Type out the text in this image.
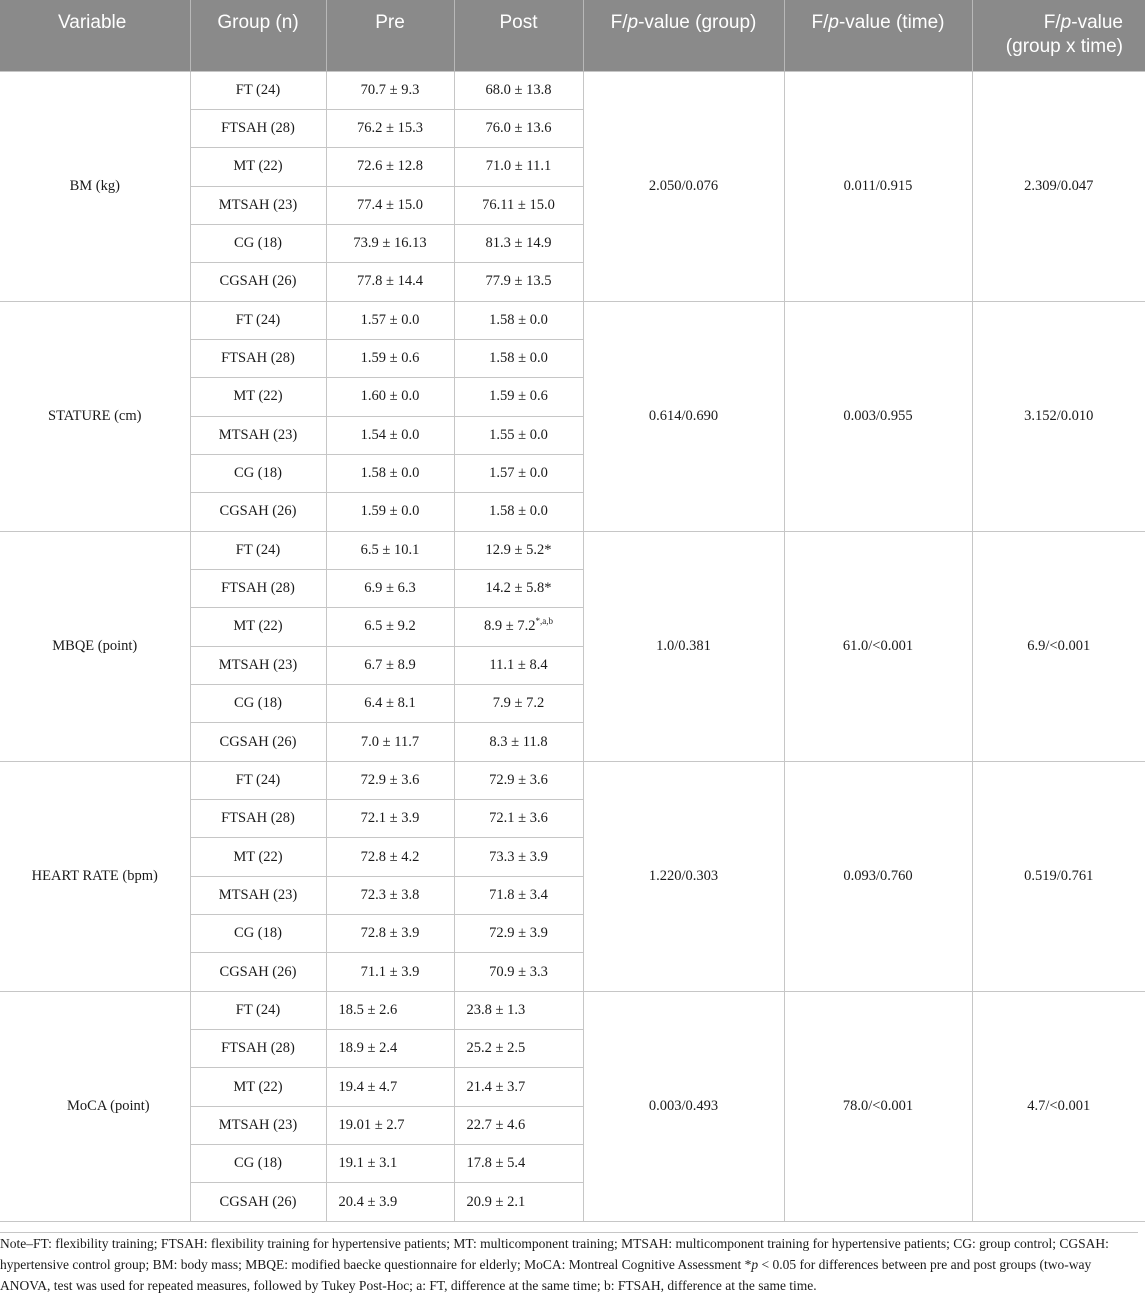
Variable	Group (n)	Pre	Post	F/p-value (group)	F/p-value (time)	F/p-value
(group x time)
BM (kg)	FT (24)	70.7 ± 9.3	68.0 ± 13.8	2.050/0.076	0.011/0.915	2.309/0.047
	FTSAH (28)	76.2 ± 15.3	76.0 ± 13.6			
	MT (22)	72.6 ± 12.8	71.0 ± 11.1			
	MTSAH (23)	77.4 ± 15.0	76.11 ± 15.0			
	CG (18)	73.9 ± 16.13	81.3 ± 14.9			
	CGSAH (26)	77.8 ± 14.4	77.9 ± 13.5			
STATURE (cm)	FT (24)	1.57 ± 0.0	1.58 ± 0.0	0.614/0.690	0.003/0.955	3.152/0.010
	FTSAH (28)	1.59 ± 0.6	1.58 ± 0.0			
	MT (22)	1.60 ± 0.0	1.59 ± 0.6			
	MTSAH (23)	1.54 ± 0.0	1.55 ± 0.0			
	CG (18)	1.58 ± 0.0	1.57 ± 0.0			
	CGSAH (26)	1.59 ± 0.0	1.58 ± 0.0			
MBQE (point)	FT (24)	6.5 ± 10.1	12.9 ± 5.2*	1.0/0.381	61.0/<0.001	6.9/<0.001
	FTSAH (28)	6.9 ± 6.3	14.2 ± 5.8*			
	MT (22)	6.5 ± 9.2	$8.9 \pm 7.2^{*,a,b}$
	MTSAH (23)	6.7 ± 8.9	11.1 ± 8.4			
	CG (18)	6.4 ± 8.1	7.9 ± 7.2			
	CGSAH (26)	7.0 ± 11.7	8.3 ± 11.8			
HEART RATE (bpm)	FT (24)	72.9 ± 3.6	72.9 ± 3.6	1.220/0.303	0.093/0.760	0.519/0.761
	FTSAH (28)	72.1 ± 3.9	72.1 ± 3.6			
	MT (22)	72.8 ± 4.2	73.3 ± 3.9			
	MTSAH (23)	72.3 ± 3.8	71.8 ± 3.4			
	CG (18)	72.8 ± 3.9	72.9 ± 3.9			
	CGSAH (26)	71.1 ± 3.9	70.9 ± 3.3			
MoCA (point)	FT (24)	18.5 ± 2.6	23.8 ± 1.3	0.003/0.493	78.0/<0.001	4.7/<0.001
	FTSAH (28)	18.9 ± 2.4	25.2 ± 2.5			
	MT (22)	19.4 ± 4.7	21.4 ± 3.7			
	MTSAH (23)	19.01 ± 2.7	22.7 ± 4.6			
	CG (18)	19.1 ± 3.1	17.8 ± 5.4			
	CGSAH (26)	20.4 ± 3.9	20.9 ± 2.1			
Note–FT: flexibility training; FTSAH: flexibility training for hypertensive patients; MT: multicomponent training; MTSAH: multicomponent training for hypertensive patients; CG: group control; CGSAH: hypertensive control group; BM: body mass; MBQE: modified baecke questionnaire for elderly; MoCA: Montreal Cognitive Assessment *p < 0.05 for differences between pre and post groups (two-way ANOVA, test was used for repeated measures, followed by Tukey Post-Hoc; a: FT, difference at the same time; b: FTSAH, difference at the same time.
